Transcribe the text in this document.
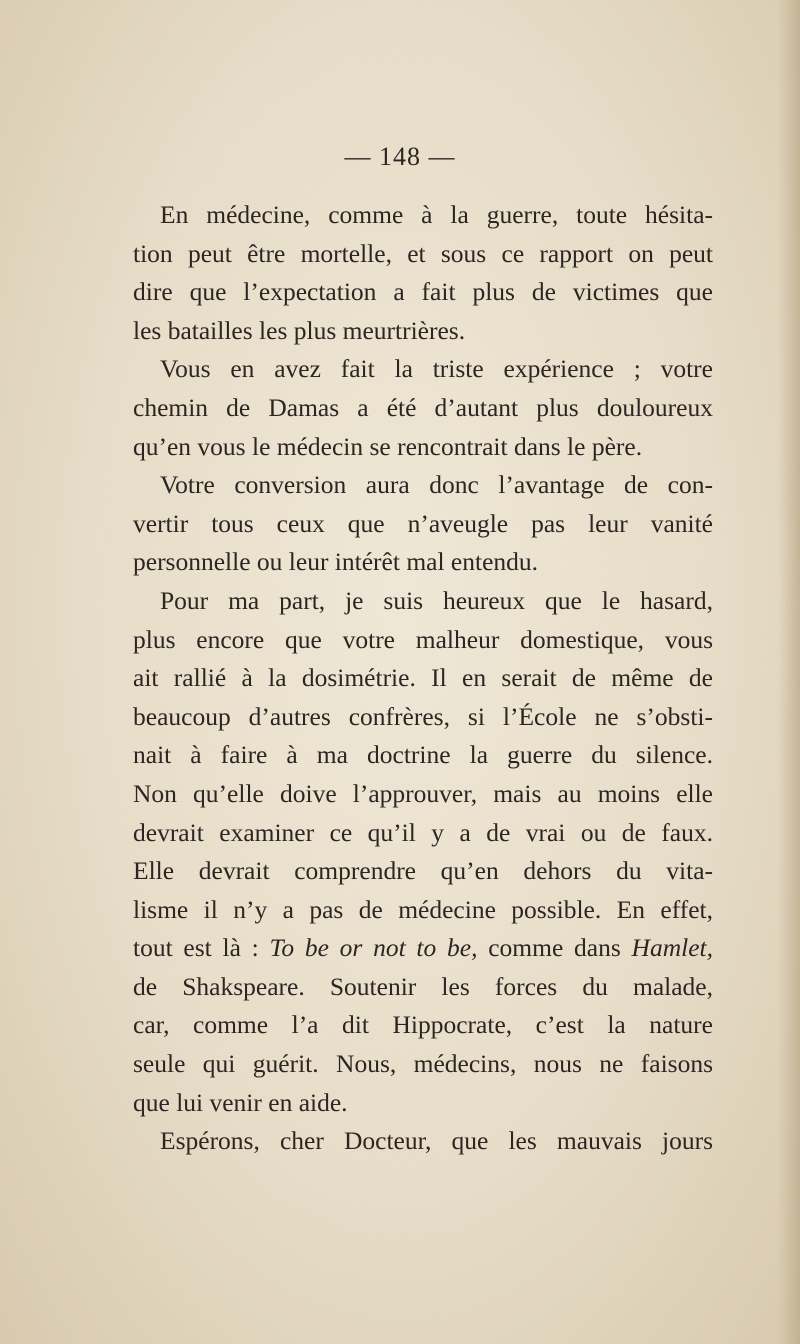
— 148 —
En médecine, comme à la guerre, toute hésita-
tion peut être mortelle, et sous ce rapport on peut
dire que l’expectation a fait plus de victimes que
les batailles les plus meurtrières.
Vous en avez fait la triste expérience ; votre
chemin de Damas a été d’autant plus douloureux
qu’en vous le médecin se rencontrait dans le père.
Votre conversion aura donc l’avantage de con-
vertir tous ceux que n’aveugle pas leur vanité
personnelle ou leur intérêt mal entendu.
Pour ma part, je suis heureux que le hasard,
plus encore que votre malheur domestique, vous
ait rallié à la dosimétrie. Il en serait de même de
beaucoup d’autres confrères, si l’École ne s’obsti-
nait à faire à ma doctrine la guerre du silence.
Non qu’elle doive l’approuver, mais au moins elle
devrait examiner ce qu’il y a de vrai ou de faux.
Elle devrait comprendre qu’en dehors du vita-
lisme il n’y a pas de médecine possible. En effet,
tout est là : To be or not to be, comme dans Hamlet,
de Shakspeare. Soutenir les forces du malade,
car, comme l’a dit Hippocrate, c’est la nature
seule qui guérit. Nous, médecins, nous ne faisons
que lui venir en aide.
Espérons, cher Docteur, que les mauvais jours
